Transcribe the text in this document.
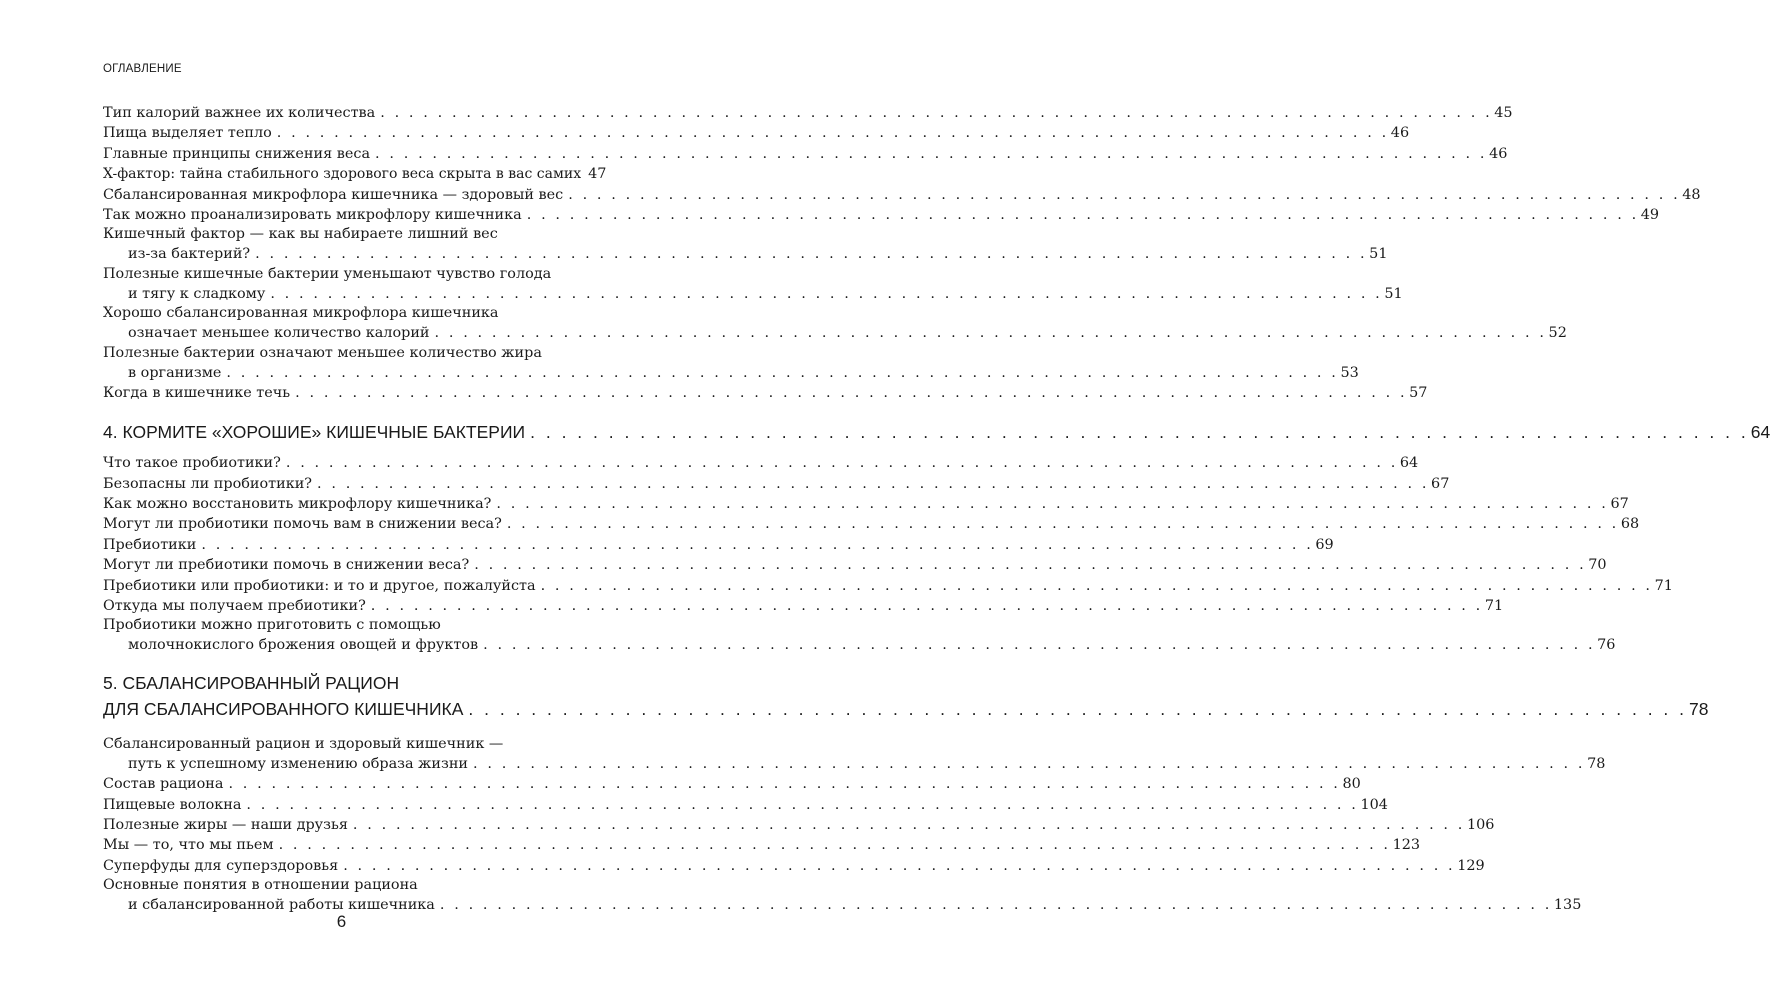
ОГЛАВЛЕНИЕ
Тип калорий важнее их количества . . . . . . . . . . . . . . . . . . . . . . . . . . . . . . . . . . . . . . . . . . . . . . . . . . . . . . . . . . . . . . . . . . . . . . . . . . . . . . 45
Пища выделяет тепло . . . . . . . . . . . . . . . . . . . . . . . . . . . . . . . . . . . . . . . . . . . . . . . . . . . . . . . . . . . . . . . . . . . . . . . . . . . . . . 46
Главные принципы снижения веса . . . . . . . . . . . . . . . . . . . . . . . . . . . . . . . . . . . . . . . . . . . . . . . . . . . . . . . . . . . . . . . . . . . . . . . . . . . . . . 46
X-фактор: тайна стабильного здорового веса скрыта в вас самих 47
Сбалансированная микрофлора кишечника — здоровый вес . . . . . . . . . . . . . . . . . . . . . . . . . . . . . . . . . . . . . . . . . . . . . . . . . . . . . . . . . . . . . . . . . . . . . . . . . . . . . . 48
Так можно проанализировать микрофлору кишечника . . . . . . . . . . . . . . . . . . . . . . . . . . . . . . . . . . . . . . . . . . . . . . . . . . . . . . . . . . . . . . . . . . . . . . . . . . . . . . 49
Кишечный фактор — как вы набираете лишний вес
из-за бактерий? . . . . . . . . . . . . . . . . . . . . . . . . . . . . . . . . . . . . . . . . . . . . . . . . . . . . . . . . . . . . . . . . . . . . . . . . . . . . . . 51
Полезные кишечные бактерии уменьшают чувство голода
и тягу к сладкому . . . . . . . . . . . . . . . . . . . . . . . . . . . . . . . . . . . . . . . . . . . . . . . . . . . . . . . . . . . . . . . . . . . . . . . . . . . . . . 51
Хорошо сбалансированная микрофлора кишечника
означает меньшее количество калорий . . . . . . . . . . . . . . . . . . . . . . . . . . . . . . . . . . . . . . . . . . . . . . . . . . . . . . . . . . . . . . . . . . . . . . . . . . . . . . 52
Полезные бактерии означают меньшее количество жира
в организме . . . . . . . . . . . . . . . . . . . . . . . . . . . . . . . . . . . . . . . . . . . . . . . . . . . . . . . . . . . . . . . . . . . . . . . . . . . . . . 53
Когда в кишечнике течь . . . . . . . . . . . . . . . . . . . . . . . . . . . . . . . . . . . . . . . . . . . . . . . . . . . . . . . . . . . . . . . . . . . . . . . . . . . . . . 57
4. КОРМИТЕ «ХОРОШИЕ» КИШЕЧНЫЕ БАКТЕРИИ . . . . . . . . . . . . . . . . . . . . . . . . . . . . . . . . . . . . . . . . . . . . . . . . . . . . . . . . . . . . . . . . . . . . . . . . . . . . . . 64
Что такое пробиотики? . . . . . . . . . . . . . . . . . . . . . . . . . . . . . . . . . . . . . . . . . . . . . . . . . . . . . . . . . . . . . . . . . . . . . . . . . . . . . . 64
Безопасны ли пробиотики? . . . . . . . . . . . . . . . . . . . . . . . . . . . . . . . . . . . . . . . . . . . . . . . . . . . . . . . . . . . . . . . . . . . . . . . . . . . . . . 67
Как можно восстановить микрофлору кишечника? . . . . . . . . . . . . . . . . . . . . . . . . . . . . . . . . . . . . . . . . . . . . . . . . . . . . . . . . . . . . . . . . . . . . . . . . . . . . . . 67
Могут ли пробиотики помочь вам в снижении веса? . . . . . . . . . . . . . . . . . . . . . . . . . . . . . . . . . . . . . . . . . . . . . . . . . . . . . . . . . . . . . . . . . . . . . . . . . . . . . . 68
Пребиотики . . . . . . . . . . . . . . . . . . . . . . . . . . . . . . . . . . . . . . . . . . . . . . . . . . . . . . . . . . . . . . . . . . . . . . . . . . . . . . 69
Могут ли пребиотики помочь в снижении веса? . . . . . . . . . . . . . . . . . . . . . . . . . . . . . . . . . . . . . . . . . . . . . . . . . . . . . . . . . . . . . . . . . . . . . . . . . . . . . . 70
Пребиотики или пробиотики: и то и другое, пожалуйста . . . . . . . . . . . . . . . . . . . . . . . . . . . . . . . . . . . . . . . . . . . . . . . . . . . . . . . . . . . . . . . . . . . . . . . . . . . . . . 71
Откуда мы получаем пребиотики? . . . . . . . . . . . . . . . . . . . . . . . . . . . . . . . . . . . . . . . . . . . . . . . . . . . . . . . . . . . . . . . . . . . . . . . . . . . . . . 71
Пробиотики можно приготовить с помощью
молочнокислого брожения овощей и фруктов . . . . . . . . . . . . . . . . . . . . . . . . . . . . . . . . . . . . . . . . . . . . . . . . . . . . . . . . . . . . . . . . . . . . . . . . . . . . . . 76
5. СБАЛАНСИРОВАННЫЙ РАЦИОН
ДЛЯ СБАЛАНСИРОВАННОГО КИШЕЧНИКА . . . . . . . . . . . . . . . . . . . . . . . . . . . . . . . . . . . . . . . . . . . . . . . . . . . . . . . . . . . . . . . . . . . . . . . . . . . . . . 78
Сбалансированный рацион и здоровый кишечник —
путь к успешному изменению образа жизни . . . . . . . . . . . . . . . . . . . . . . . . . . . . . . . . . . . . . . . . . . . . . . . . . . . . . . . . . . . . . . . . . . . . . . . . . . . . . . 78
Состав рациона . . . . . . . . . . . . . . . . . . . . . . . . . . . . . . . . . . . . . . . . . . . . . . . . . . . . . . . . . . . . . . . . . . . . . . . . . . . . . . 80
Пищевые волокна . . . . . . . . . . . . . . . . . . . . . . . . . . . . . . . . . . . . . . . . . . . . . . . . . . . . . . . . . . . . . . . . . . . . . . . . . . . . . . 104
Полезные жиры — наши друзья . . . . . . . . . . . . . . . . . . . . . . . . . . . . . . . . . . . . . . . . . . . . . . . . . . . . . . . . . . . . . . . . . . . . . . . . . . . . . . 106
Мы — то, что мы пьем . . . . . . . . . . . . . . . . . . . . . . . . . . . . . . . . . . . . . . . . . . . . . . . . . . . . . . . . . . . . . . . . . . . . . . . . . . . . . . 123
Суперфуды для суперздоровья . . . . . . . . . . . . . . . . . . . . . . . . . . . . . . . . . . . . . . . . . . . . . . . . . . . . . . . . . . . . . . . . . . . . . . . . . . . . . . 129
Основные понятия в отношении рациона
и сбалансированной работы кишечника . . . . . . . . . . . . . . . . . . . . . . . . . . . . . . . . . . . . . . . . . . . . . . . . . . . . . . . . . . . . . . . . . . . . . . . . . . . . . . 135
6
